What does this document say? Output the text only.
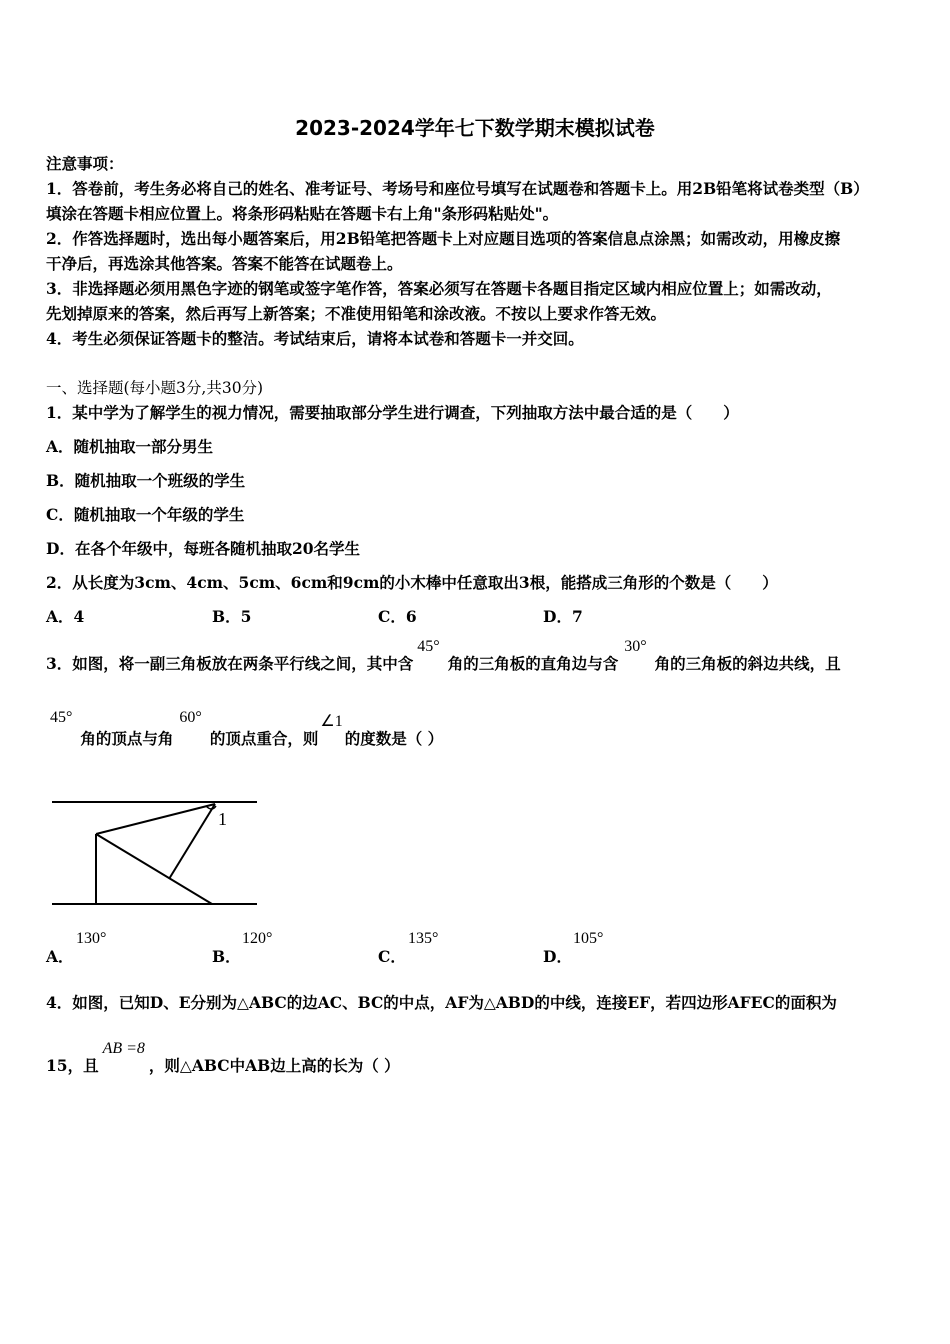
2023-2024学年七下数学期末模拟试卷
注意事项：
1．答卷前，考生务必将自己的姓名、准考证号、考场号和座位号填写在试题卷和答题卡上。用2B铅笔将试卷类型（B）
填涂在答题卡相应位置上。将条形码粘贴在答题卡右上角"条形码粘贴处"。
2．作答选择题时，选出每小题答案后，用2B铅笔把答题卡上对应题目选项的答案信息点涂黑；如需改动，用橡皮擦
干净后，再选涂其他答案。答案不能答在试题卷上。
3．非选择题必须用黑色字迹的钢笔或签字笔作答，答案必须写在答题卡各题目指定区域内相应位置上；如需改动，
先划掉原来的答案，然后再写上新答案；不准使用铅笔和涂改液。不按以上要求作答无效。
4．考生必须保证答题卡的整洁。考试结束后，请将本试卷和答题卡一并交回。
一、选择题(每小题3分,共30分)
1．某中学为了解学生的视力情况，需要抽取部分学生进行调查，下列抽取方法中最合适的是（　　）
A．随机抽取一部分男生
B．随机抽取一个班级的学生
C．随机抽取一个年级的学生
D．在各个年级中，每班各随机抽取20名学生
2．从长度为3cm、4cm、5cm、6cm和9cm的小木棒中任意取出3根，能搭成三角形的个数是（　　）
A．4	B．5	C．6	D．7
3．如图，将一副三角板放在两条平行线之间，其中含45°角的三角板的直角边与含30°角的三角板的斜边共线，且
45°角的顶点与角60°的顶点重合，则∠1的度数是（ ）
1
A．
130°
B．
120°
C．
135°
D．
105°
4．如图，已知D、E分别为△ABC的边AC、BC的中点，AF为△ABD的中线，连接EF，若四边形AFEC的面积为
15，且AB =8，则△ABC中AB边上高的长为（ ）
